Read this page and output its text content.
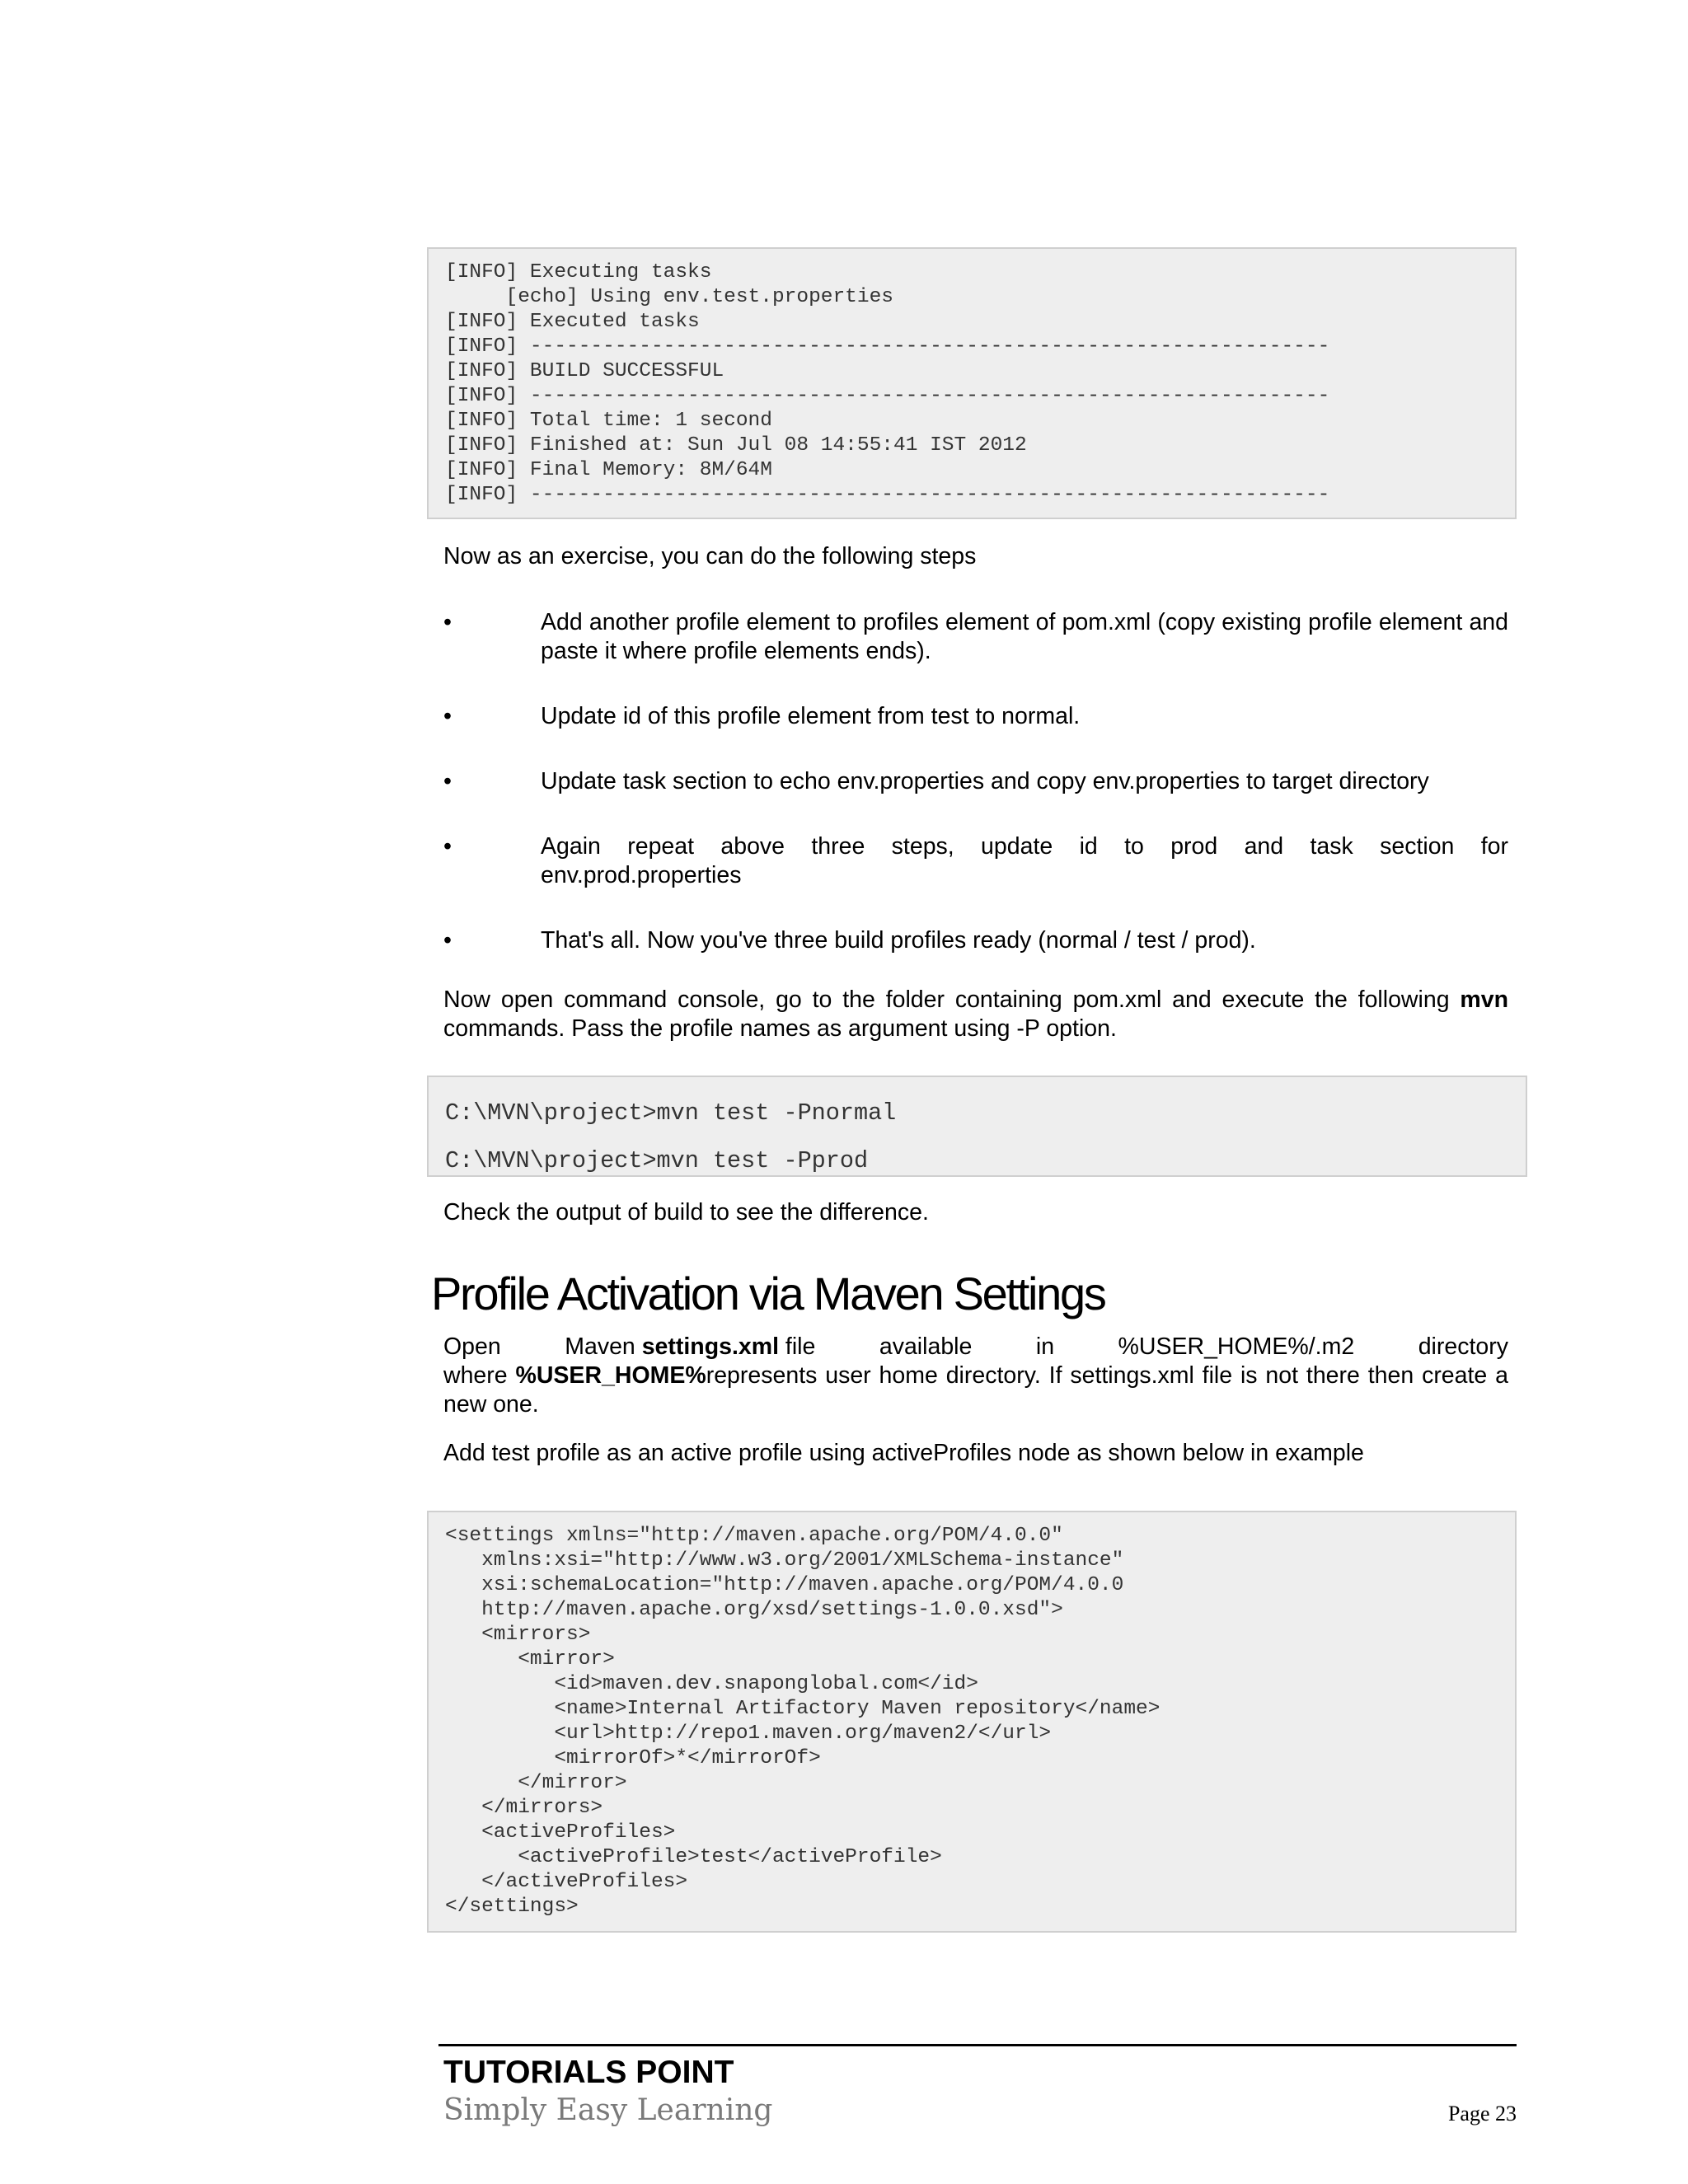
[INFO] Executing tasks
[echo] Using env.test.properties
[INFO] Executed tasks
[INFO] ------------------------------------------------------------------
[INFO] BUILD SUCCESSFUL
[INFO] ------------------------------------------------------------------
[INFO] Total time: 1 second
[INFO] Finished at: Sun Jul 08 14:55:41 IST 2012
[INFO] Final Memory: 8M/64M
[INFO] ------------------------------------------------------------------

Now as an exercise, you can do the following steps

•	Add another profile element to profiles element of pom.xml (copy existing profile element and paste it where profile elements ends).
•	Update id of this profile element from test to normal.
•	Update task section to echo env.properties and copy env.properties to target directory
•	Again repeat above three steps, update id to prod and task section for
env.prod.properties
•	That's all. Now you've three build profiles ready (normal / test / prod).

Now open command console, go to the folder containing pom.xml and execute the following mvn commands. Pass the profile names as argument using -P option.

C:\MVN\project>mvn test -Pnormal
C:\MVN\project>mvn test -Pprod

Check the output of build to see the difference.

Profile Activation via Maven Settings
Open	Maven settings.xml file	available	in	%USER_HOME%/.m2	directory

where %USER_HOME%represents user home directory. If settings.xml file is not there then create a new one.

Add test profile as an active profile using activeProfiles node as shown below in example

<settings xmlns="http://maven.apache.org/POM/4.0.0"
xmlns:xsi="http://www.w3.org/2001/XMLSchema-instance"
xsi:schemaLocation="http://maven.apache.org/POM/4.0.0
http://maven.apache.org/xsd/settings-1.0.0.xsd">
<mirrors>
<mirror>
<id>maven.dev.snaponglobal.com</id>
<name>Internal Artifactory Maven repository</name>
<url>http://repo1.maven.org/maven2/</url>
<mirrorOf>*</mirrorOf>
</mirror>
</mirrors>
<activeProfiles>
<activeProfile>test</activeProfile>
</activeProfiles>
</settings>
TUTORIALS POINT
Simply Easy Learning	Page 23
